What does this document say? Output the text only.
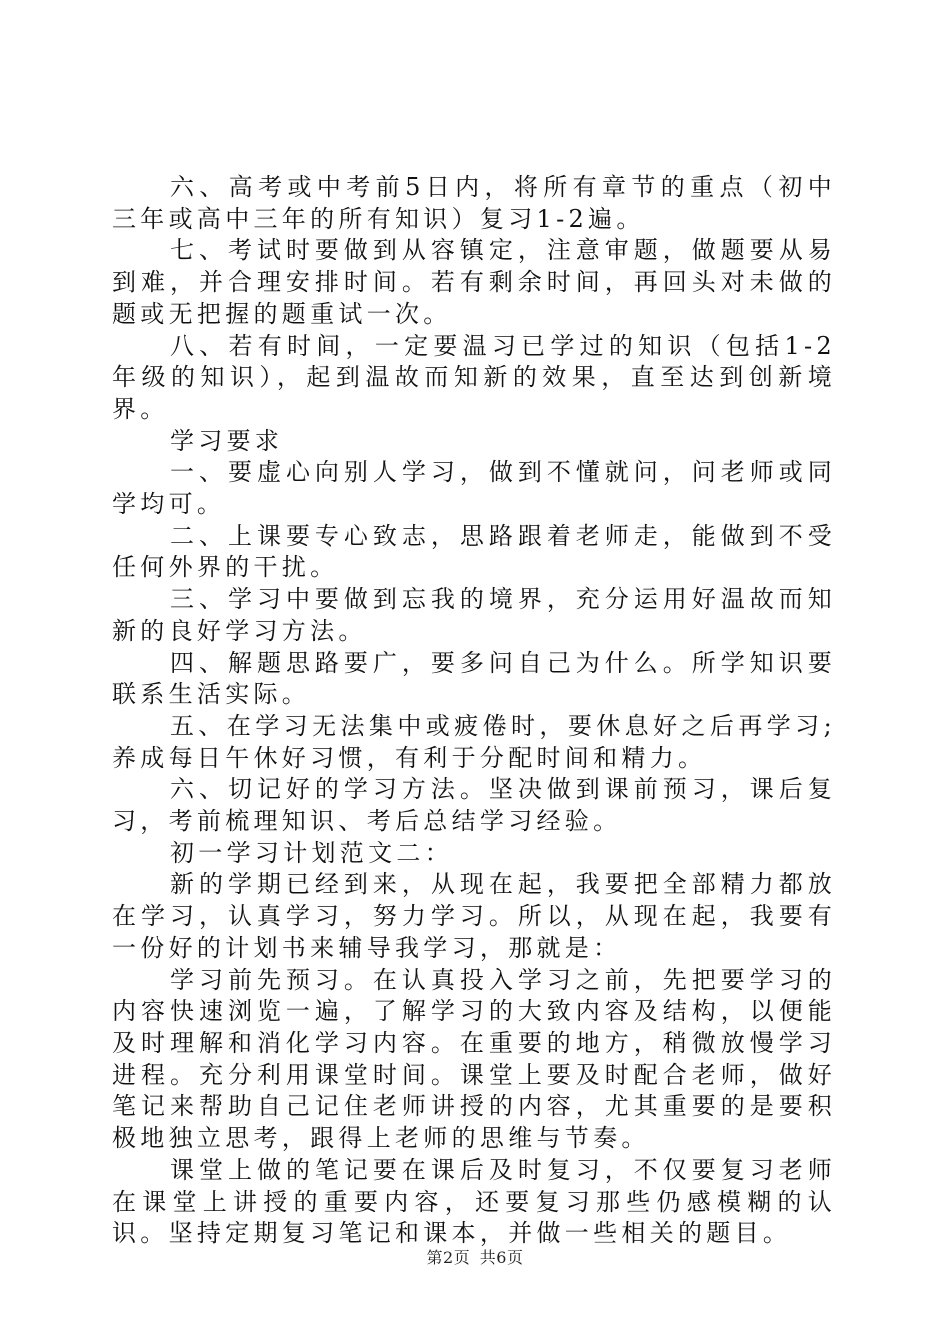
六、高考或中考前5日内，将所有章节的重点（初中三年或高中三年的所有知识）复习1-2遍。

七、考试时要做到从容镇定，注意审题，做题要从易到难，并合理安排时间。若有剩余时间，再回头对未做的题或无把握的题重试一次。

八、若有时间，一定要温习已学过的知识（包括1-2年级的知识），起到温故而知新的效果，直至达到创新境界。

学习要求

一、要虚心向别人学习，做到不懂就问，问老师或同学均可。

二、上课要专心致志，思路跟着老师走，能做到不受任何外界的干扰。

三、学习中要做到忘我的境界，充分运用好温故而知新的良好学习方法。

四、解题思路要广，要多问自己为什么。所学知识要联系生活实际。

五、在学习无法集中或疲倦时，要休息好之后再学习;养成每日午休好习惯，有利于分配时间和精力。

六、切记好的学习方法。坚决做到课前预习，课后复习，考前梳理知识、考后总结学习经验。

初一学习计划范文二：

新的学期已经到来，从现在起，我要把全部精力都放在学习，认真学习，努力学习。所以，从现在起，我要有一份好的计划书来辅导我学习，那就是：

学习前先预习。在认真投入学习之前，先把要学习的内容快速浏览一遍，了解学习的大致内容及结构，以便能及时理解和消化学习内容。在重要的地方，稍微放慢学习进程。充分利用课堂时间。课堂上要及时配合老师，做好笔记来帮助自己记住老师讲授的内容，尤其重要的是要积极地独立思考，跟得上老师的思维与节奏。

课堂上做的笔记要在课后及时复习，不仅要复习老师在课堂上讲授的重要内容，还要复习那些仍感模糊的认识。坚持定期复习笔记和课本，并做一些相关的题目。

第2页 共6页
